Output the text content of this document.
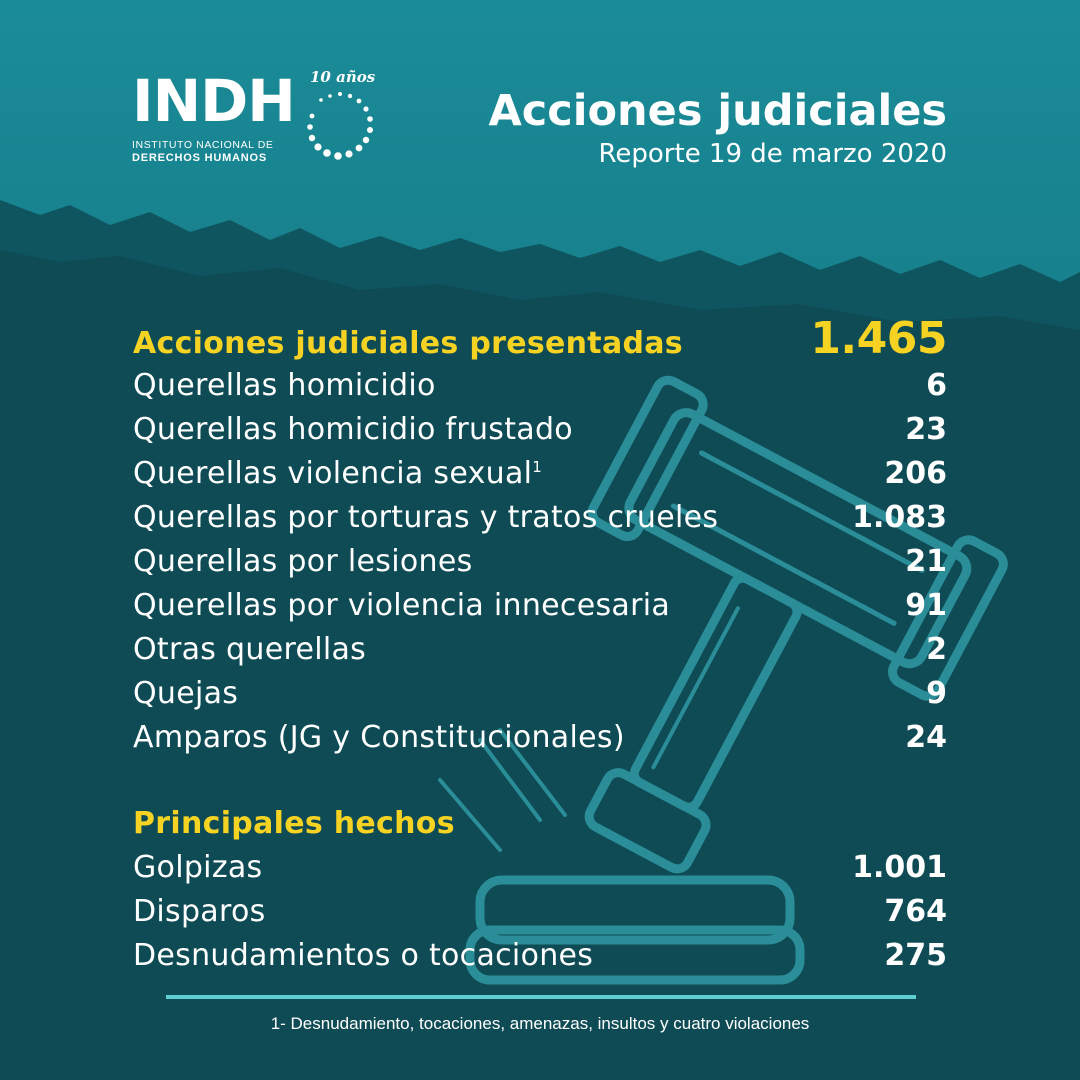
INDH 10 años
INSTITUTO NACIONAL DE
DERECHOS HUMANOS
Acciones judiciales
Reporte 19 de marzo 2020
Acciones judiciales presentadas	1.465
Querellas homicidio	6
Querellas homicidio frustado	23
Querellas violencia sexual$^1$	206
Querellas por torturas y tratos crueles	1.083
Querellas por lesiones	21
Querellas por violencia innecesaria	91
Otras querellas	2
Quejas	9
Amparos (JG y Constitucionales)	24
Principales hechos
Golpizas	1.001
Disparos	764
Desnudamientos o tocaciones	275
1- Desnudamiento, tocaciones, amenazas, insultos y cuatro violaciones
